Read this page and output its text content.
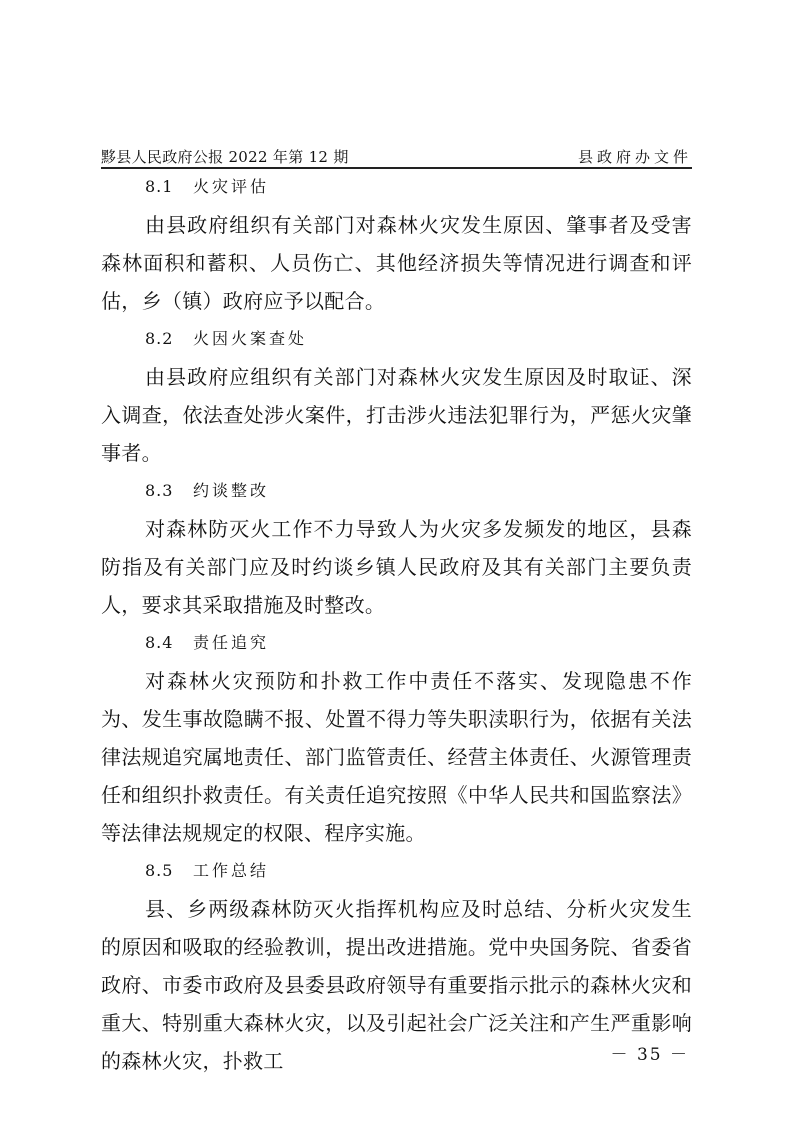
黟县人民政府公报 2022 年第 12 期	县政府办文件
8.1 火灾评估

由县政府组织有关部门对森林火灾发生原因、肇事者及受害森林面积和蓄积、人员伤亡、其他经济损失等情况进行调查和评估，乡（镇）政府应予以配合。

8.2 火因火案查处

由县政府应组织有关部门对森林火灾发生原因及时取证、深入调查，依法查处涉火案件，打击涉火违法犯罪行为，严惩火灾肇事者。

8.3 约谈整改

对森林防灭火工作不力导致人为火灾多发频发的地区，县森防指及有关部门应及时约谈乡镇人民政府及其有关部门主要负责人，要求其采取措施及时整改。

8.4 责任追究

对森林火灾预防和扑救工作中责任不落实、发现隐患不作为、发生事故隐瞒不报、处置不得力等失职渎职行为，依据有关法律法规追究属地责任、部门监管责任、经营主体责任、火源管理责任和组织扑救责任。有关责任追究按照《中华人民共和国监察法》等法律法规规定的权限、程序实施。

8.5 工作总结

县、乡两级森林防灭火指挥机构应及时总结、分析火灾发生的原因和吸取的经验教训，提出改进措施。党中央国务院、省委省政府、市委市政府及县委县政府领导有重要指示批示的森林火灾和重大、特别重大森林火灾，以及引起社会广泛关注和产生严重影响的森林火灾，扑救工	－ 35 －
